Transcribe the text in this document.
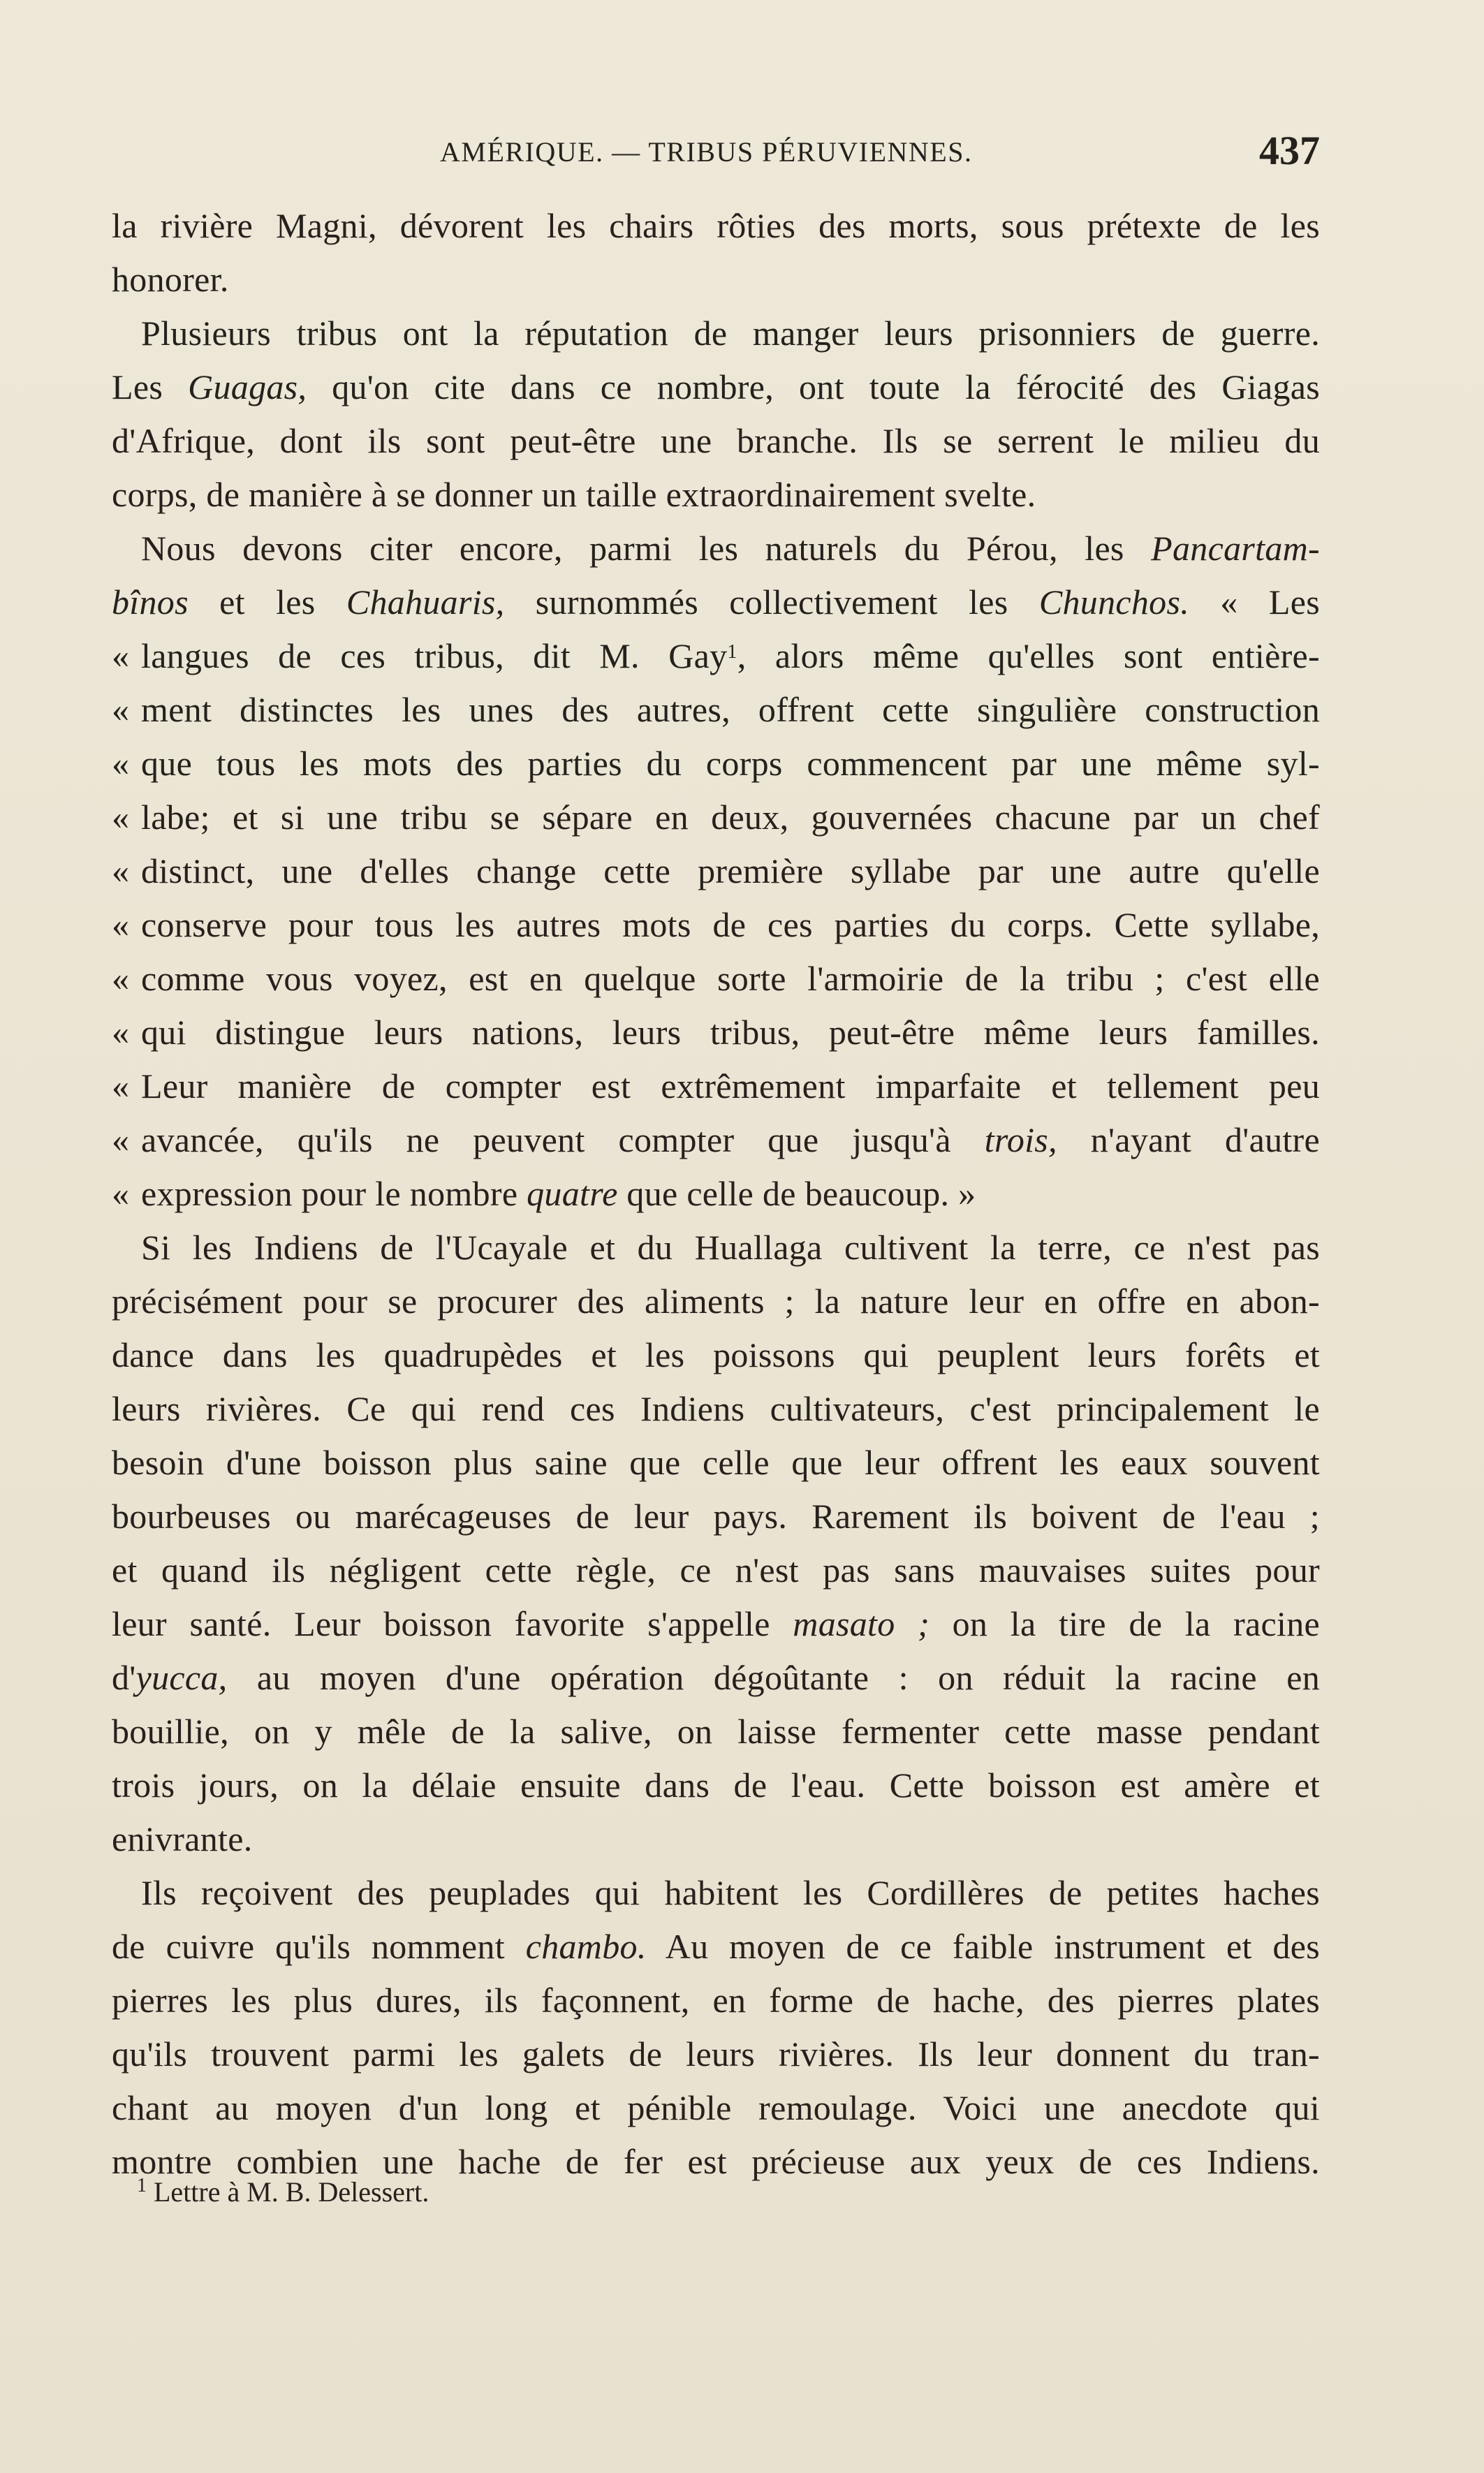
AMÉRIQUE. — TRIBUS PÉRUVIENNES.	437
la rivière Magni, dévorent les chairs rôties des morts, sous prétexte de les
honorer.
Plusieurs tribus ont la réputation de manger leurs prisonniers de guerre.
Les Guagas, qu'on cite dans ce nombre, ont toute la férocité des Giagas
d'Afrique, dont ils sont peut-être une branche. Ils se serrent le milieu du
corps, de manière à se donner un taille extraordinairement svelte.
Nous devons citer encore, parmi les naturels du Pérou, les Pancartam-
bînos et les Chahuaris, surnommés collectivement les Chunchos. « Les
« langues de ces tribus, dit M. Gay$^1$, alors même qu'elles sont entière-
« ment distinctes les unes des autres, offrent cette singulière construction
« que tous les mots des parties du corps commencent par une même syl-
« labe; et si une tribu se sépare en deux, gouvernées chacune par un chef
« distinct, une d'elles change cette première syllabe par une autre qu'elle
« conserve pour tous les autres mots de ces parties du corps. Cette syllabe,
« comme vous voyez, est en quelque sorte l'armoirie de la tribu ; c'est elle
« qui distingue leurs nations, leurs tribus, peut-être même leurs familles.
« Leur manière de compter est extrêmement imparfaite et tellement peu
« avancée, qu'ils ne peuvent compter que jusqu'à trois, n'ayant d'autre
« expression pour le nombre quatre que celle de beaucoup. »
Si les Indiens de l'Ucayale et du Huallaga cultivent la terre, ce n'est pas
précisément pour se procurer des aliments ; la nature leur en offre en abon-
dance dans les quadrupèdes et les poissons qui peuplent leurs forêts et
leurs rivières. Ce qui rend ces Indiens cultivateurs, c'est principalement le
besoin d'une boisson plus saine que celle que leur offrent les eaux souvent
bourbeuses ou marécageuses de leur pays. Rarement ils boivent de l'eau ;
et quand ils négligent cette règle, ce n'est pas sans mauvaises suites pour
leur santé. Leur boisson favorite s'appelle masato ; on la tire de la racine
d'yucca, au moyen d'une opération dégoûtante : on réduit la racine en
bouillie, on y mêle de la salive, on laisse fermenter cette masse pendant
trois jours, on la délaie ensuite dans de l'eau. Cette boisson est amère et
enivrante.
Ils reçoivent des peuplades qui habitent les Cordillères de petites haches
de cuivre qu'ils nomment chambo. Au moyen de ce faible instrument et des
pierres les plus dures, ils façonnent, en forme de hache, des pierres plates
qu'ils trouvent parmi les galets de leurs rivières. Ils leur donnent du tran-
chant au moyen d'un long et pénible remoulage. Voici une anecdote qui
montre combien une hache de fer est précieuse aux yeux de ces Indiens.
$^1$ Lettre à M. B. Delessert.
